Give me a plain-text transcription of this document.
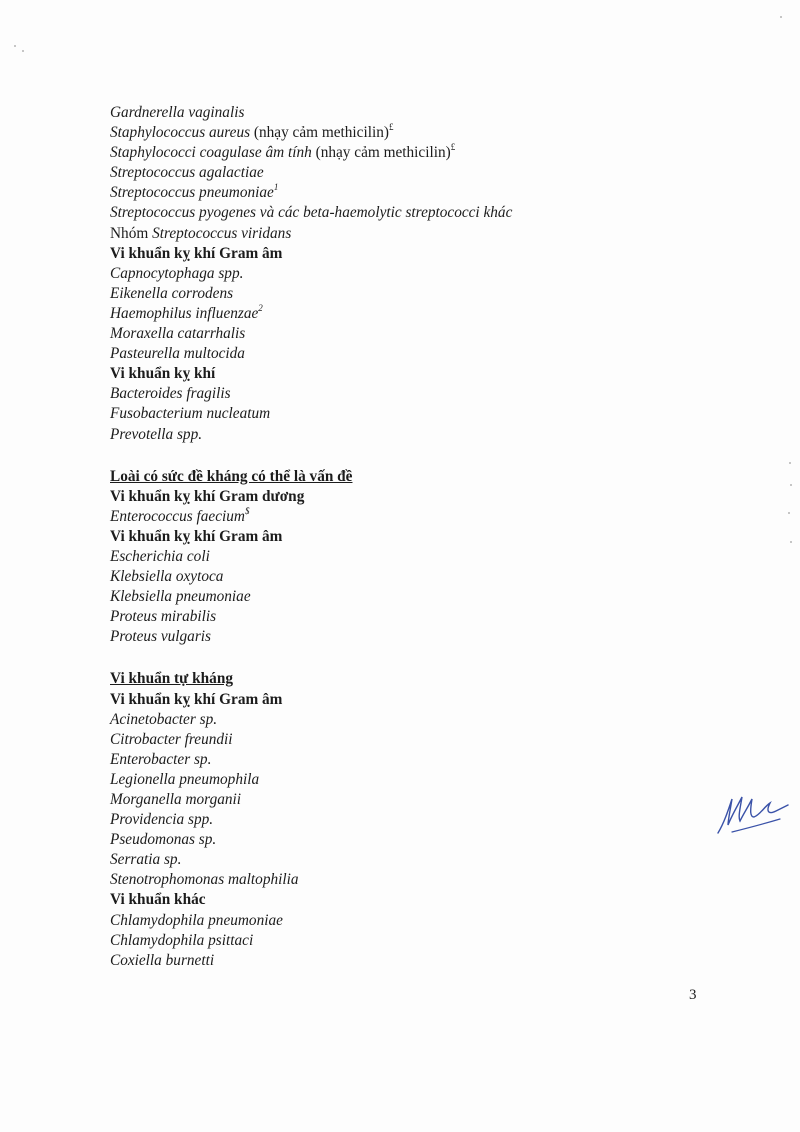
Gardnerella vaginalis
Staphylococcus aureus (nhạy cảm methicilin)£
Staphylococci coagulase âm tính (nhạy cảm methicilin)£
Streptococcus agalactiae
Streptococcus pneumoniae$^1$
Streptococcus pyogenes và các beta-haemolytic streptococci khác
Nhóm Streptococcus viridans
Vi khuẩn kỵ khí Gram âm
Capnocytophaga spp.
Eikenella corrodens
Haemophilus influenzae$^2$
Moraxella catarrhalis
Pasteurella multocida
Vi khuẩn kỵ khí
Bacteroides fragilis
Fusobacterium nucleatum
Prevotella spp.
Loài có sức đề kháng có thể là vấn đề
Vi khuẩn kỵ khí Gram dương
Enterococcus faecium$
Vi khuẩn kỵ khí Gram âm
Escherichia coli
Klebsiella oxytoca
Klebsiella pneumoniae
Proteus mirabilis
Proteus vulgaris
Vi khuẩn tự kháng
Vi khuẩn kỵ khí Gram âm
Acinetobacter sp.
Citrobacter freundii
Enterobacter sp.
Legionella pneumophila
Morganella morganii
Providencia spp.
Pseudomonas sp.
Serratia sp.
Stenotrophomonas maltophilia
Vi khuẩn khác
Chlamydophila pneumoniae
Chlamydophila psittaci
Coxiella burnetti
3
